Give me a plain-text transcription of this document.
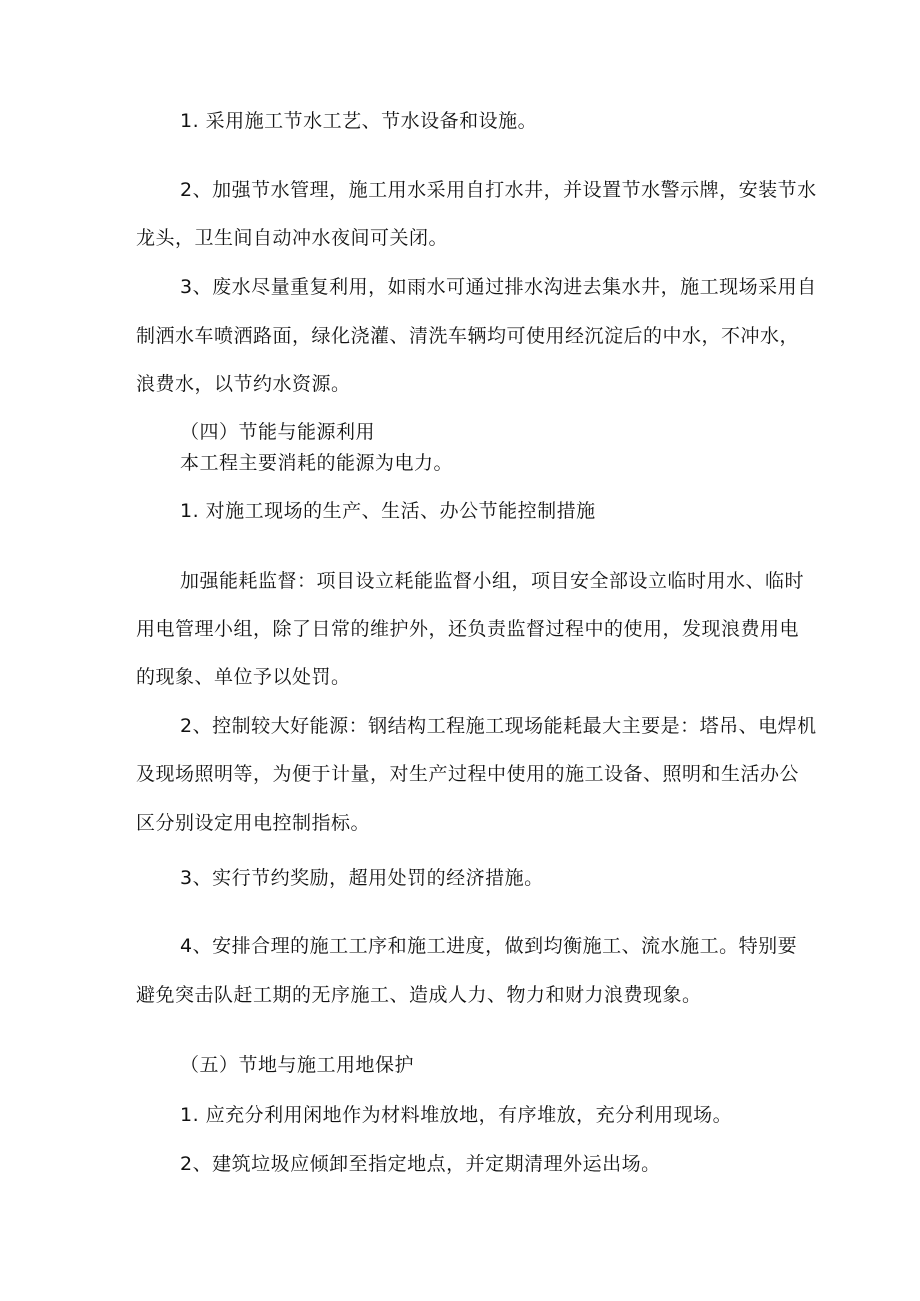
1. 采用施工节水工艺、节水设备和设施。
2、加强节水管理，施工用水采用自打水井，并设置节水警示牌，安装节水
龙头，卫生间自动冲水夜间可关闭。
3、废水尽量重复利用，如雨水可通过排水沟进去集水井，施工现场采用自
制洒水车喷洒路面，绿化浇灌、清洗车辆均可使用经沉淀后的中水，不冲水，
浪费水，以节约水资源。
（四）节能与能源利用
本工程主要消耗的能源为电力。
1. 对施工现场的生产、生活、办公节能控制措施
加强能耗监督：项目设立耗能监督小组，项目安全部设立临时用水、临时
用电管理小组，除了日常的维护外，还负责监督过程中的使用，发现浪费用电
的现象、单位予以处罚。
2、控制较大好能源：钢结构工程施工现场能耗最大主要是：塔吊、电焊机
及现场照明等，为便于计量，对生产过程中使用的施工设备、照明和生活办公
区分别设定用电控制指标。
3、实行节约奖励，超用处罚的经济措施。
4、安排合理的施工工序和施工进度，做到均衡施工、流水施工。特别要
避免突击队赶工期的无序施工、造成人力、物力和财力浪费现象。
（五）节地与施工用地保护
1. 应充分利用闲地作为材料堆放地，有序堆放，充分利用现场。
2、建筑垃圾应倾卸至指定地点，并定期清理外运出场。
